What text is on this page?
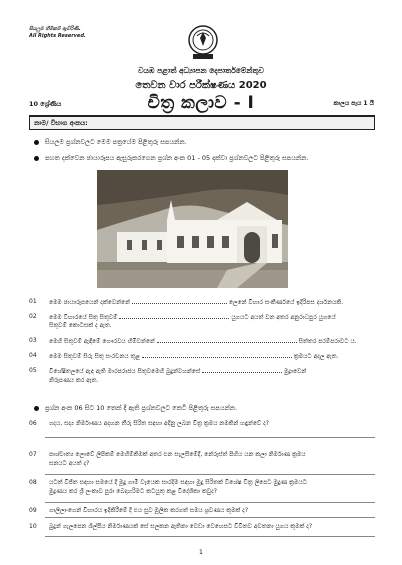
සියලුම හිමිකම් ඇවිරිණි.
All Rights Reserved.
වයඹ පළාත් අධ්‍යාපන දෙපාර්තමේන්තුව
තෙවන වාර පරීක්ෂණය 2020
චිත්‍ර කලාව - I
10 ශ්‍රේණිය	කාලය පැය 1 යි
නාම/ විභාග අංකය:
සියලම ප්‍රශ්නවලට මෙම පත්‍රයේම පිළිතුරු සපයන්න.
පහත දක්වෙන ඡායාරූපය ඇසුරුකරගෙන ප්‍රශ්න අංක 01 - 05 දක්වා ප්‍රශ්නවලට පිළිතුරු සපයන්න.
01 මෙම ඡායාරූපයෙන් දක්වෙන්නේ	ලෙනේ විහාර සංකීර්ණයේ ඉදිරිපස දර්ශනයකි.
02 මෙම විහාරයේ සිතු සිතුවම්	යුගයට අයත් වන අතර අනුරාධපුර යුගයේ
සිතුවම් කොටසක් ද ඇත.
03 මෙහි සිතුවම් ඇඳීමේ ගෞරවය හිමිවන්නේ	සිත්තර පරම්පරාවට ය.
04 මෙම සිතුවම් සිරු සිතු සංරචනය තුළ	ක්‍රමයට අදල ඇත.
05 විශේෂිතලයේ ඇඳ ඇති මාරපරාජය සිතුවමෙහි බුදුන්වහන්සේ	මුද්‍රාවෙන්
නිරූපණය කර ඇත.
ප්‍රශ්න අංක 06 සිට 10 තෙක් දී ඇති ප්‍රශ්නවලට කෙටි පිළිතුරු සපයන්න.
06 ගදය, සද්‍ය නිර්මාණය අදහන තීරු සිරිත සඳහා අදිනු ලබන චිත්‍ර ක්‍රමය නමකින් හඳුන්වේ ද?
07 පාශ්චාත්‍ය ලොවේ ලිපිකම් මෙහිම්කිමක් අතර එන සැලසීමේදී, නේරුස්ත් පිහිය යන කලා නිර්මාණ ක්‍රමය
සනයට අයත් ද?
08 යටත් විජිත සඳහා සමයේ දී මූදු ගාමී වෑයෙක සාරදිම සඳහා මුදු සිරිතක් වීශේෂ චිත්‍ර ලිපෙට මුදුණ ක්‍රමයට
මුද්‍රණය කර ශ්‍රී ලංකාව පුරා බෙදාහරිමට කටයුතු කළ විදේශිකා කවුද?
09 ගාලිලාංගෙන් විහාරය ඉදිකිරීමේ දී එය සුව මූලික කරගත් සමය ශ්‍රවණය කුමක් ද?
10 බුදුන් ගැලපෙන ශිල්පීය නිර්මාණයක් සේ සලකන ඇතිනා වෙඩා වෙහෙසට විවිතව අවතනා යුගය කුමක් ද?
1
